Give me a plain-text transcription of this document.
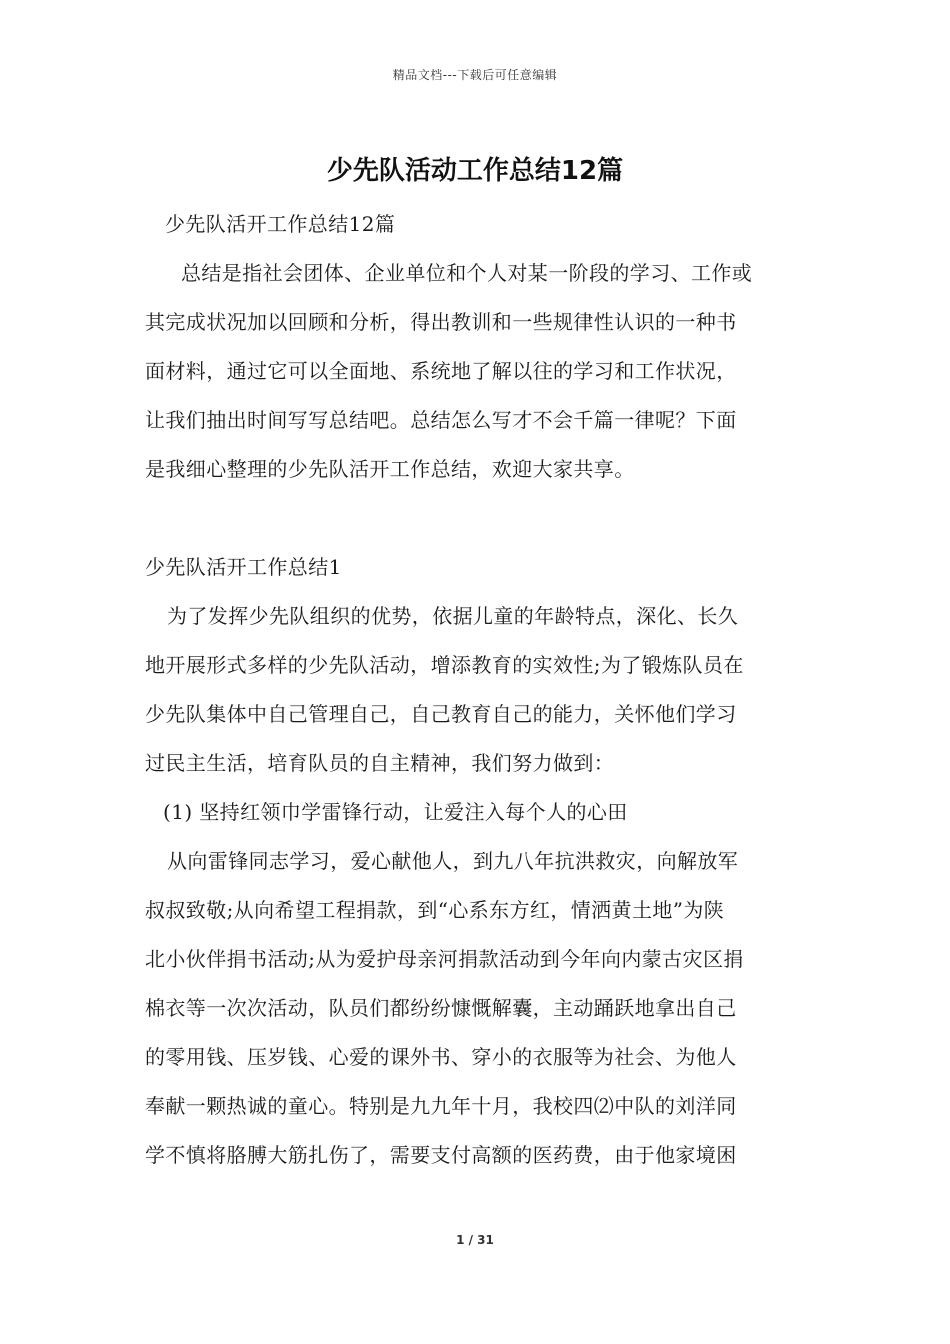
精品文档---下载后可任意编辑
少先队活动工作总结12篇
少先队活开工作总结12篇
总结是指社会团体、企业单位和个人对某一阶段的学习、工作或
其完成状况加以回顾和分析，得出教训和一些规律性认识的一种书
面材料，通过它可以全面地、系统地了解以往的学习和工作状况，
让我们抽出时间写写总结吧。总结怎么写才不会千篇一律呢？下面
是我细心整理的少先队活开工作总结，欢迎大家共享。
少先队活开工作总结1
为了发挥少先队组织的优势，依据儿童的年龄特点，深化、长久
地开展形式多样的少先队活动，增添教育的实效性;为了锻炼队员在
少先队集体中自己管理自己，自己教育自己的能力，关怀他们学习
过民主生活，培育队员的自主精神，我们努力做到：
(1) 坚持红领巾学雷锋行动，让爱注入每个人的心田
从向雷锋同志学习，爱心献他人，到九八年抗洪救灾，向解放军
叔叔致敬;从向希望工程捐款，到“心系东方红，情洒黄土地”为陕
北小伙伴捐书活动;从为爱护母亲河捐款活动到今年向内蒙古灾区捐
棉衣等一次次活动，队员们都纷纷慷慨解囊，主动踊跃地拿出自己
的零用钱、压岁钱、心爱的课外书、穿小的衣服等为社会、为他人
奉献一颗热诚的童心。特别是九九年十月，我校四⑵中队的刘洋同
学不慎将胳膊大筋扎伤了，需要支付高额的医药费，由于他家境困
1 / 31
